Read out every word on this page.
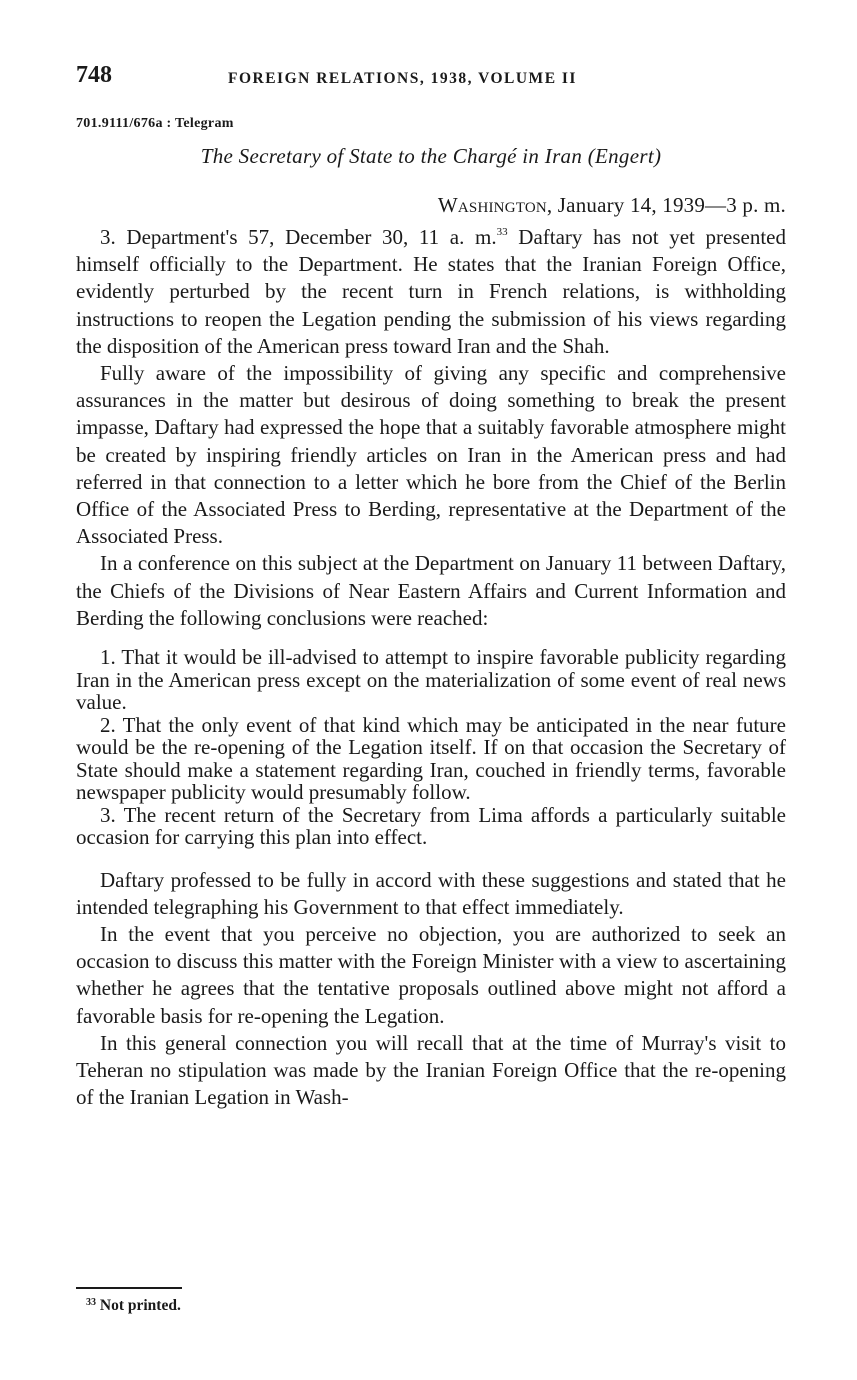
748	FOREIGN RELATIONS, 1938, VOLUME II
701.9111/676a : Telegram
The Secretary of State to the Chargé in Iran (Engert)
Washington, January 14, 1939—3 p. m.

3. Department's 57, December 30, 11 a. m.$^{33}$ Daftary has not yet presented himself officially to the Department. He states that the Iranian Foreign Office, evidently perturbed by the recent turn in French relations, is withholding instructions to reopen the Legation pending the submission of his views regarding the disposition of the American press toward Iran and the Shah.

Fully aware of the impossibility of giving any specific and comprehensive assurances in the matter but desirous of doing something to break the present impasse, Daftary had expressed the hope that a suitably favorable atmosphere might be created by inspiring friendly articles on Iran in the American press and had referred in that connection to a letter which he bore from the Chief of the Berlin Office of the Associated Press to Berding, representative at the Department of the Associated Press.

In a conference on this subject at the Department on January 11 between Daftary, the Chiefs of the Divisions of Near Eastern Affairs and Current Information and Berding the following conclusions were reached:

1. That it would be ill-advised to attempt to inspire favorable publicity regarding Iran in the American press except on the materialization of some event of real news value.

2. That the only event of that kind which may be anticipated in the near future would be the re-opening of the Legation itself. If on that occasion the Secretary of State should make a statement regarding Iran, couched in friendly terms, favorable newspaper publicity would presumably follow.

3. The recent return of the Secretary from Lima affords a particularly suitable occasion for carrying this plan into effect.

Daftary professed to be fully in accord with these suggestions and stated that he intended telegraphing his Government to that effect immediately.

In the event that you perceive no objection, you are authorized to seek an occasion to discuss this matter with the Foreign Minister with a view to ascertaining whether he agrees that the tentative proposals outlined above might not afford a favorable basis for re-opening the Legation.

In this general connection you will recall that at the time of Murray's visit to Teheran no stipulation was made by the Iranian Foreign Office that the re-opening of the Iranian Legation in Wash-

$^{33}$ Not printed.
